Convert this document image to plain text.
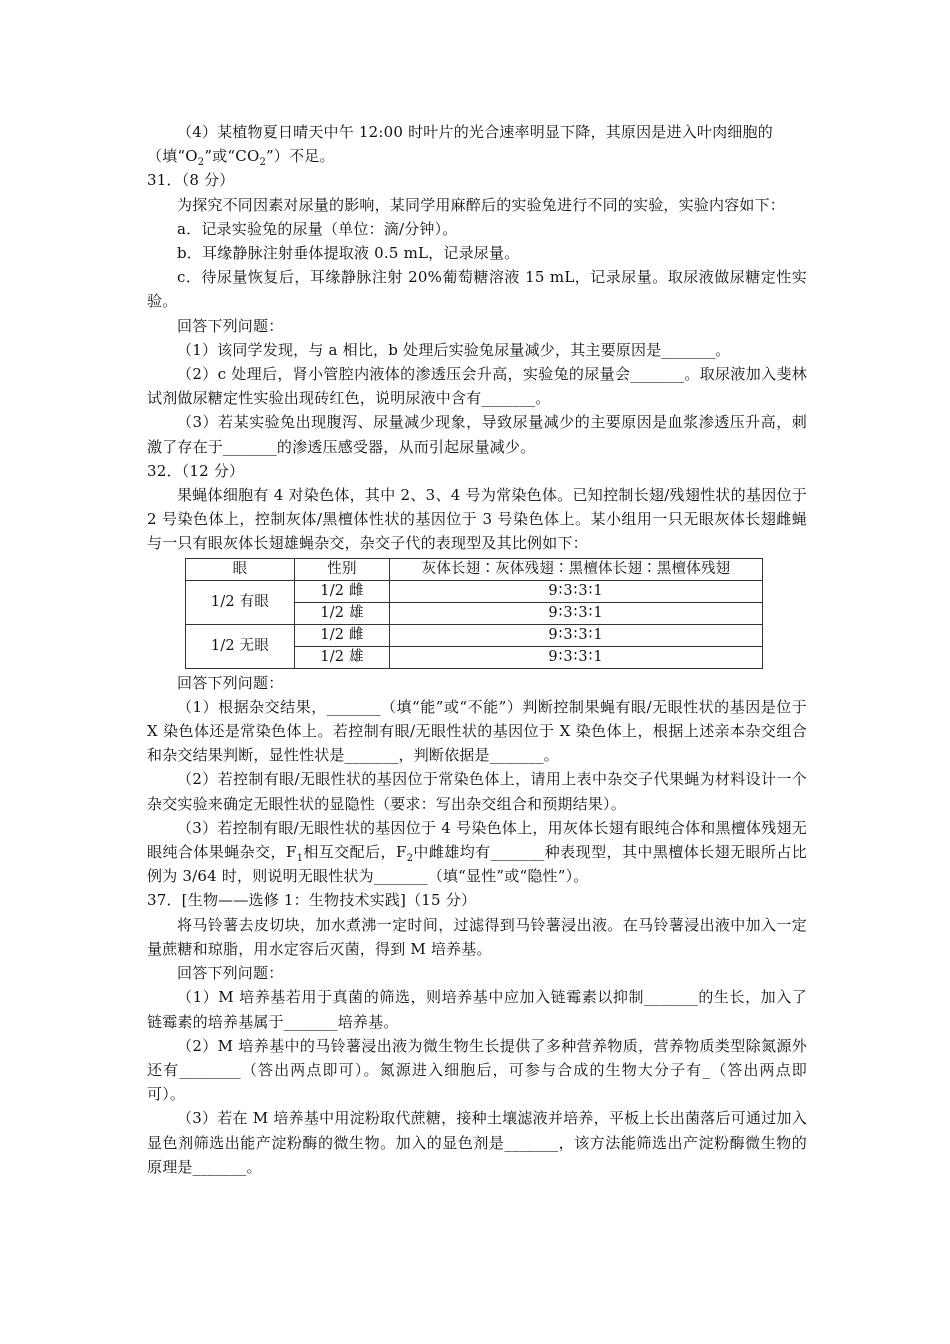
（4）某植物夏日晴天中午 12:00 时叶片的光合速率明显下降，其原因是进入叶肉细胞的

（填“$O_2$”或“$CO_2$”）不足。

31．（8 分）

为探究不同因素对尿量的影响，某同学用麻醉后的实验兔进行不同的实验，实验内容如下：

a．记录实验兔的尿量（单位：滴/分钟）。

b．耳缘静脉注射垂体提取液 0.5 mL，记录尿量。

c．待尿量恢复后，耳缘静脉注射 20%葡萄糖溶液 15 mL，记录尿量。取尿液做尿糖定性实验。

回答下列问题：

（1）该同学发现，与 a 相比，b 处理后实验兔尿量减少，其主要原因是_______。

（2）c 处理后，肾小管腔内液体的渗透压会升高，实验兔的尿量会_______。取尿液加入斐林试剂做尿糖定性实验出现砖红色，说明尿液中含有_______。

（3）若某实验兔出现腹泻、尿量减少现象，导致尿量减少的主要原因是血浆渗透压升高，刺激了存在于_______的渗透压感受器，从而引起尿量减少。

32．（12 分）

果蝇体细胞有 4 对染色体，其中 2、3、4 号为常染色体。已知控制长翅/残翅性状的基因位于 2 号染色体上，控制灰体/黑檀体性状的基因位于 3 号染色体上。某小组用一只无眼灰体长翅雌蝇与一只有眼灰体长翅雄蝇杂交，杂交子代的表现型及其比例如下：

眼	性别	灰体长翅∶灰体残翅∶黑檀体长翅∶黑檀体残翅
1/2 有眼	1/2 雌	9∶3∶3∶1
	1/2 雄	9∶3∶3∶1
1/2 无眼	1/2 雌	9∶3∶3∶1
	1/2 雄	9∶3∶3∶1

回答下列问题：

（1）根据杂交结果，_______（填“能”或“不能”）判断控制果蝇有眼/无眼性状的基因是位于 X 染色体还是常染色体上。若控制有眼/无眼性状的基因位于 X 染色体上，根据上述亲本杂交组合和杂交结果判断，显性性状是_______，判断依据是_______。

（2）若控制有眼/无眼性状的基因位于常染色体上，请用上表中杂交子代果蝇为材料设计一个杂交实验来确定无眼性状的显隐性（要求：写出杂交组合和预期结果）。

（3）若控制有眼/无眼性状的基因位于 4 号染色体上，用灰体长翅有眼纯合体和黑檀体残翅无眼纯合体果蝇杂交，$F_1$相互交配后，$F_2$中雌雄均有_______种表现型，其中黑檀体长翅无眼所占比例为 3/64 时，则说明无眼性状为_______（填“显性”或“隐性”）。

37．[生物——选修 1：生物技术实践]（15 分）

将马铃薯去皮切块，加水煮沸一定时间，过滤得到马铃薯浸出液。在马铃薯浸出液中加入一定量蔗糖和琼脂，用水定容后灭菌，得到 M 培养基。

回答下列问题：

（1）M 培养基若用于真菌的筛选，则培养基中应加入链霉素以抑制_______的生长，加入了链霉素的培养基属于_______培养基。

（2）M 培养基中的马铃薯浸出液为微生物生长提供了多种营养物质，营养物质类型除氮源外还有________（答出两点即可）。氮源进入细胞后，可参与合成的生物大分子有_（答出两点即可）。

（3）若在 M 培养基中用淀粉取代蔗糖，接种土壤滤液并培养，平板上长出菌落后可通过加入显色剂筛选出能产淀粉酶的微生物。加入的显色剂是_______，该方法能筛选出产淀粉酶微生物的原理是_______。
